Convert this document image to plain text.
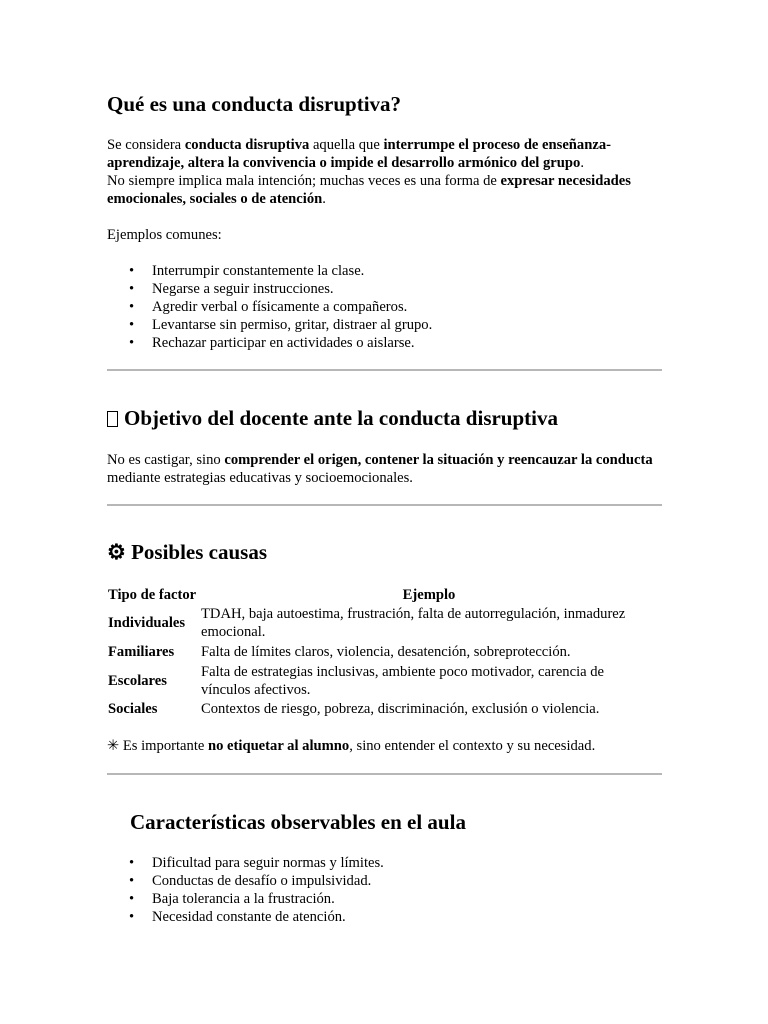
Qué es una conducta disruptiva?

Se considera conducta disruptiva aquella que interrumpe el proceso de enseñanza-aprendizaje, altera la convivencia o impide el desarrollo armónico del grupo.

No siempre implica mala intención; muchas veces es una forma de expresar necesidades emocionales, sociales o de atención.

Ejemplos comunes:

• Interrumpir constantemente la clase.
• Negarse a seguir instrucciones.
• Agredir verbal o físicamente a compañeros.
• Levantarse sin permiso, gritar, distraer al grupo.
• Rechazar participar en actividades o aislarse.
Objetivo del docente ante la conducta disruptiva

No es castigar, sino comprender el origen, contener la situación y reencauzar la conducta mediante estrategias educativas y socioemocionales.

⚙ Posibles causas
Tipo de factor	Ejemplo
Individuales	TDAH, baja autoestima, frustración, falta de autorregulación, inmadurez emocional.
Familiares	Falta de límites claros, violencia, desatención, sobreprotección.
Escolares	Falta de estrategias inclusivas, ambiente poco motivador, carencia de vínculos afectivos.
Sociales	Contextos de riesgo, pobreza, discriminación, exclusión o violencia.

✳ Es importante no etiquetar al alumno, sino entender el contexto y su necesidad.

Características observables en el aula
• Dificultad para seguir normas y límites.
• Conductas de desafío o impulsividad.
• Baja tolerancia a la frustración.
• Necesidad constante de atención.
